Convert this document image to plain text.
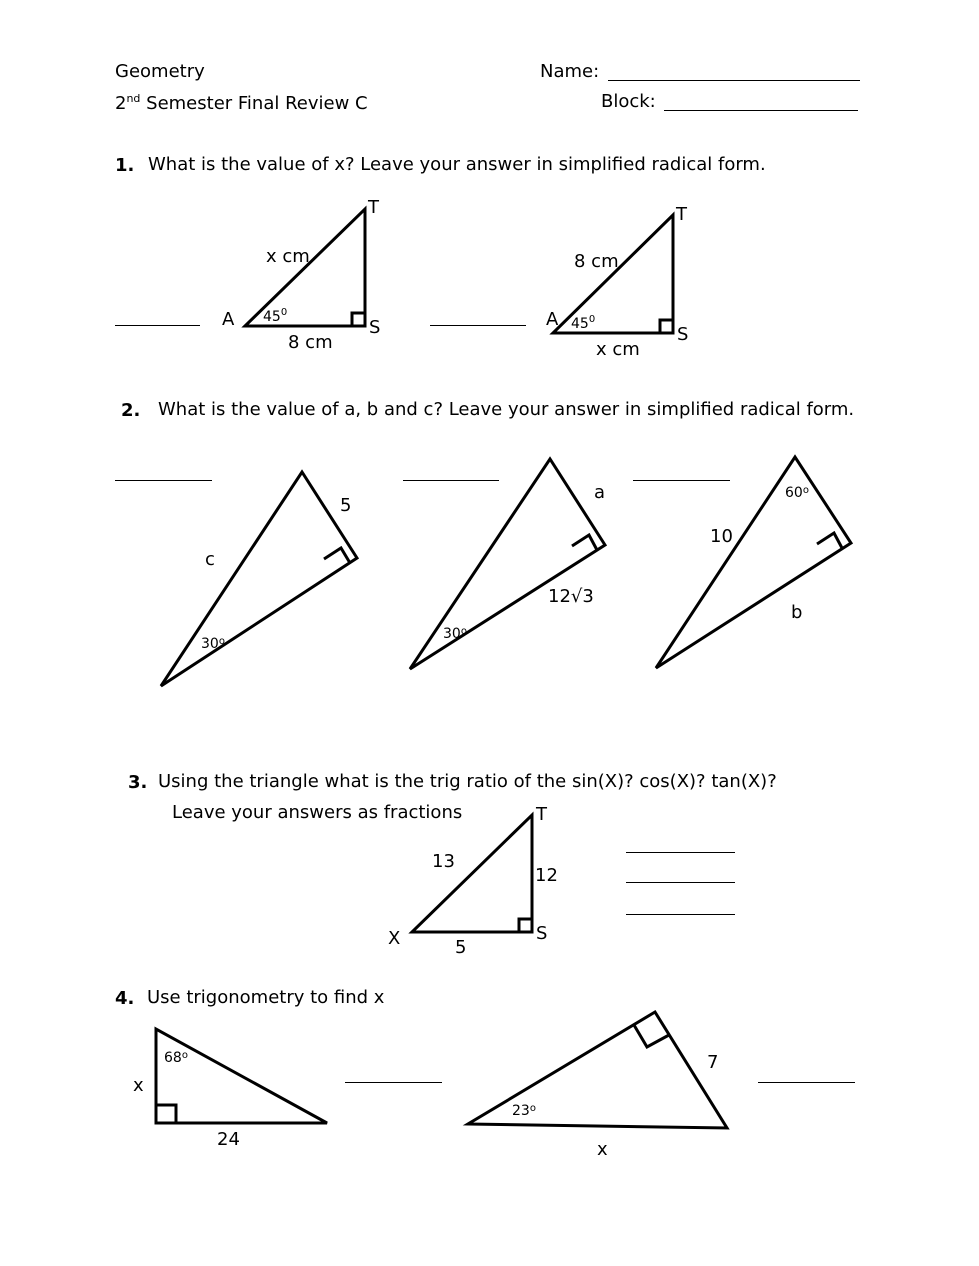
Geometry
2nd Semester Final Review C
Name:
Block:
1. What is the value of x? Leave your answer in simplified radical form.
2. What is the value of a, b and c? Leave your answer in simplified radical form.
3. Using the triangle what is the trig ratio of the sin(X)? cos(X)? tan(X)?
Leave your answers as fractions
4. Use trigonometry to find x
T
S
A
x cm
8 cm
$45^0$
T
S
A
8 cm
x cm
$45^0$
5
c
30$^o$
a
12√3
30$^o$
60$^o$
10
b
T
S
X
13
12
5
68$^o$
x
24
23$^o$
7
x
